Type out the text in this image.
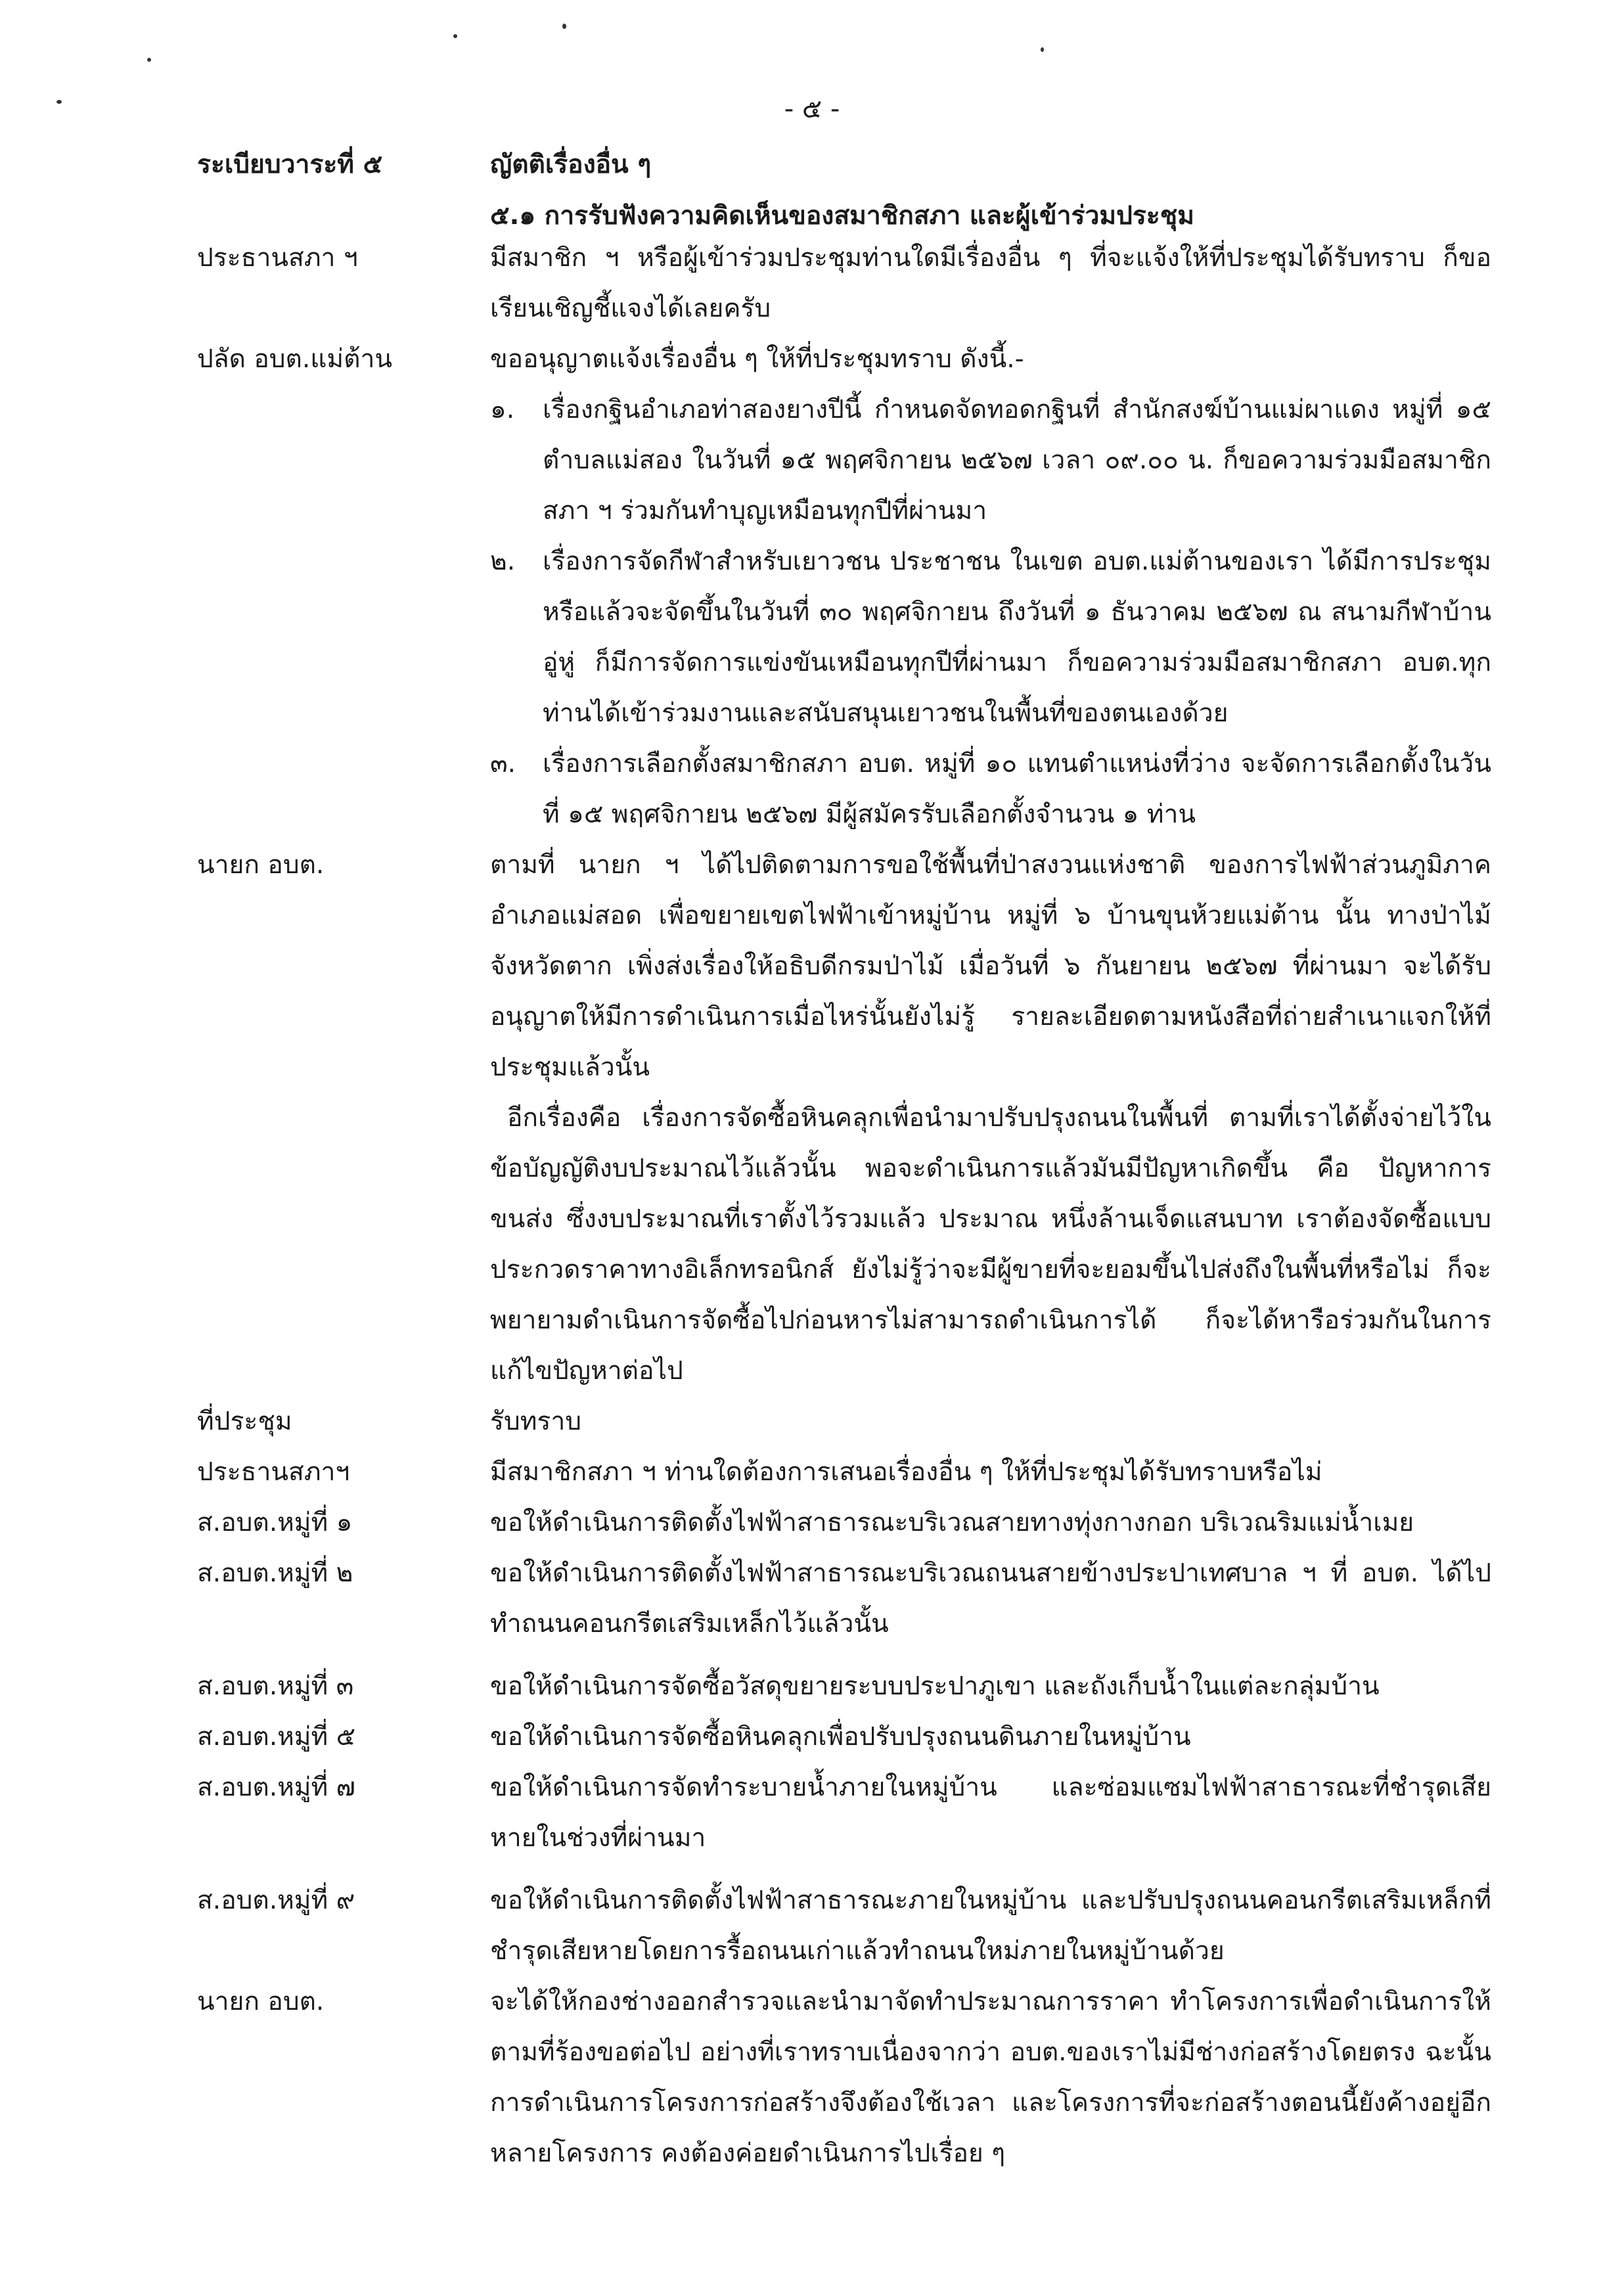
- ๕ -
ระเบียบวาระที่ ๕	ญัตติเรื่องอื่น ๆ
๕.๑ การรับฟังความคิดเห็นของสมาชิกสภา และผู้เข้าร่วมประชุม
ประธานสภา ฯ	มีสมาชิก ฯ หรือผู้เข้าร่วมประชุมท่านใดมีเรื่องอื่น ๆ ที่จะแจ้งให้ที่ประชุมได้รับทราบ ก็ขอเรียนเชิญชี้แจงได้เลยครับ

ปลัด อบต.แม่ต้าน	ขออนุญาตแจ้งเรื่องอื่น ๆ ให้ที่ประชุมทราบ ดังนี้.-

๑.	เรื่องกฐินอำเภอท่าสองยางปีนี้ กำหนดจัดทอดกฐินที่ สำนักสงฆ์บ้านแม่ผาแดง หมู่ที่ ๑๕ ตำบลแม่สอง ในวันที่ ๑๕ พฤศจิกายน ๒๕๖๗ เวลา ๐๙.๐๐ น. ก็ขอความร่วมมือสมาชิกสภา ฯ ร่วมกันทำบุญเหมือนทุกปีที่ผ่านมา
๒.	เรื่องการจัดกีฬาสำหรับเยาวชน ประชาชน ในเขต อบต.แม่ต้านของเรา ได้มีการประชุมหรือแล้วจะจัดขึ้นในวันที่ ๓๐ พฤศจิกายน ถึงวันที่ ๑ ธันวาคม ๒๕๖๗ ณ สนามกีฬาบ้านอู่หู่ ก็มีการจัดการแข่งขันเหมือนทุกปีที่ผ่านมา ก็ขอความร่วมมือสมาชิกสภา อบต.ทุกท่านได้เข้าร่วมงานและสนับสนุนเยาวชนในพื้นที่ของตนเองด้วย
๓.	เรื่องการเลือกตั้งสมาชิกสภา อบต. หมู่ที่ ๑๐ แทนตำแหน่งที่ว่าง จะจัดการเลือกตั้งในวันที่ ๑๕ พฤศจิกายน ๒๕๖๗ มีผู้สมัครรับเลือกตั้งจำนวน ๑ ท่าน
นายก อบต.	ตามที่ นายก ฯ ได้ไปติดตามการขอใช้พื้นที่ป่าสงวนแห่งชาติ ของการไฟฟ้าส่วนภูมิภาคอำเภอแม่สอด เพื่อขยายเขตไฟฟ้าเข้าหมู่บ้าน หมู่ที่ ๖ บ้านขุนห้วยแม่ต้าน นั้น ทางป่าไม้จังหวัดตาก เพิ่งส่งเรื่องให้อธิบดีกรมป่าไม้ เมื่อวันที่ ๖ กันยายน ๒๕๖๗ ที่ผ่านมา จะได้รับอนุญาตให้มีการดำเนินการเมื่อไหร่นั้นยังไม่รู้ รายละเอียดตามหนังสือที่ถ่ายสำเนาแจกให้ที่ประชุมแล้วนั้น

อีกเรื่องคือ เรื่องการจัดซื้อหินคลุกเพื่อนำมาปรับปรุงถนนในพื้นที่ ตามที่เราได้ตั้งจ่ายไว้ในข้อบัญญัติงบประมาณไว้แล้วนั้น พอจะดำเนินการแล้วมันมีปัญหาเกิดขึ้น คือ ปัญหาการขนส่ง ซึ่งงบประมาณที่เราตั้งไว้รวมแล้ว ประมาณ หนึ่งล้านเจ็ดแสนบาท เราต้องจัดซื้อแบบประกวดราคาทางอิเล็กทรอนิกส์ ยังไม่รู้ว่าจะมีผู้ขายที่จะยอมขึ้นไปส่งถึงในพื้นที่หรือไม่ ก็จะพยายามดำเนินการจัดซื้อไปก่อนหารไม่สามารถดำเนินการได้ ก็จะได้หารือร่วมกันในการแก้ไขปัญหาต่อไป

ที่ประชุม	รับทราบ

ประธานสภาฯ	มีสมาชิกสภา ฯ ท่านใดต้องการเสนอเรื่องอื่น ๆ ให้ที่ประชุมได้รับทราบหรือไม่

ส.อบต.หมู่ที่ ๑	ขอให้ดำเนินการติดตั้งไฟฟ้าสาธารณะบริเวณสายทางทุ่งกางกอก บริเวณริมแม่น้ำเมย

ส.อบต.หมู่ที่ ๒	ขอให้ดำเนินการติดตั้งไฟฟ้าสาธารณะบริเวณถนนสายข้างประปาเทศบาล ฯ ที่ อบต. ได้ไปทำถนนคอนกรีตเสริมเหล็กไว้แล้วนั้น

ส.อบต.หมู่ที่ ๓	ขอให้ดำเนินการจัดซื้อวัสดุขยายระบบประปาภูเขา และถังเก็บน้ำในแต่ละกลุ่มบ้าน

ส.อบต.หมู่ที่ ๕	ขอให้ดำเนินการจัดซื้อหินคลุกเพื่อปรับปรุงถนนดินภายในหมู่บ้าน

ส.อบต.หมู่ที่ ๗	ขอให้ดำเนินการจัดทำระบายน้ำภายในหมู่บ้าน และซ่อมแซมไฟฟ้าสาธารณะที่ชำรุดเสียหายในช่วงที่ผ่านมา

ส.อบต.หมู่ที่ ๙	ขอให้ดำเนินการติดตั้งไฟฟ้าสาธารณะภายในหมู่บ้าน และปรับปรุงถนนคอนกรีตเสริมเหล็กที่ชำรุดเสียหายโดยการรื้อถนนเก่าแล้วทำถนนใหม่ภายในหมู่บ้านด้วย

นายก อบต.	จะได้ให้กองช่างออกสำรวจและนำมาจัดทำประมาณการราคา ทำโครงการเพื่อดำเนินการให้ตามที่ร้องขอต่อไป อย่างที่เราทราบเนื่องจากว่า อบต.ของเราไม่มีช่างก่อสร้างโดยตรง ฉะนั้นการดำเนินการโครงการก่อสร้างจึงต้องใช้เวลา และโครงการที่จะก่อสร้างตอนนี้ยังค้างอยู่อีกหลายโครงการ คงต้องค่อยดำเนินการไปเรื่อย ๆ
